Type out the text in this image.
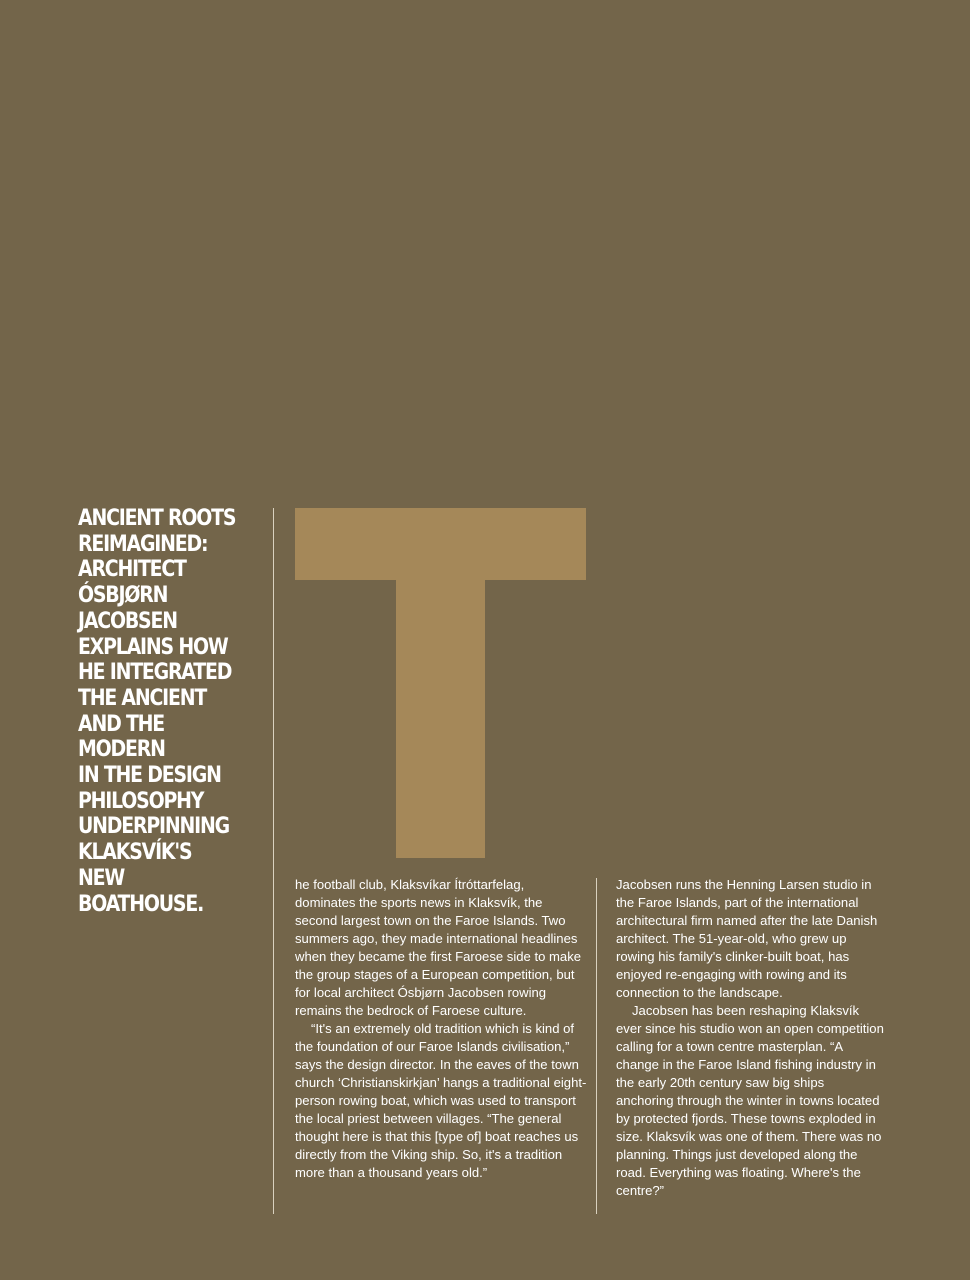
ANCIENT ROOTS
REIMAGINED:
ARCHITECT
ÓSBJØRN
JACOBSEN
EXPLAINS HOW
HE INTEGRATED
THE ANCIENT
AND THE MODERN
IN THE DESIGN
PHILOSOPHY
UNDERPINNING
KLAKSVÍK'S NEW
BOATHOUSE.

he football club, Klaksvíkar Ítróttarfelag, dominates the sports news in Klaksvík, the second largest town on the Faroe Islands. Two summers ago, they made international headlines when they became the first Faroese side to make the group stages of a European competition, but for local architect Ósbjørn Jacobsen rowing remains the bedrock of Faroese culture.

“It's an extremely old tradition which is kind of the foundation of our Faroe Islands civilisation,” says the design director. In the eaves of the town church ‘Christianskirkjan’ hangs a traditional eight-person rowing boat, which was used to transport the local priest between villages. “The general thought here is that this [type of] boat reaches us directly from the Viking ship. So, it's a tradition more than a thousand years old.”

Jacobsen runs the Henning Larsen studio in the Faroe Islands, part of the international architectural firm named after the late Danish architect. The 51-year-old, who grew up rowing his family's clinker-built boat, has enjoyed re-engaging with rowing and its connection to the landscape.

Jacobsen has been reshaping Klaksvík ever since his studio won an open competition calling for a town centre masterplan. “A change in the Faroe Island fishing industry in the early 20th century saw big ships anchoring through the winter in towns located by protected fjords. These towns exploded in size. Klaksvík was one of them. There was no planning. Things just developed along the road. Everything was floating. Where's the centre?”
